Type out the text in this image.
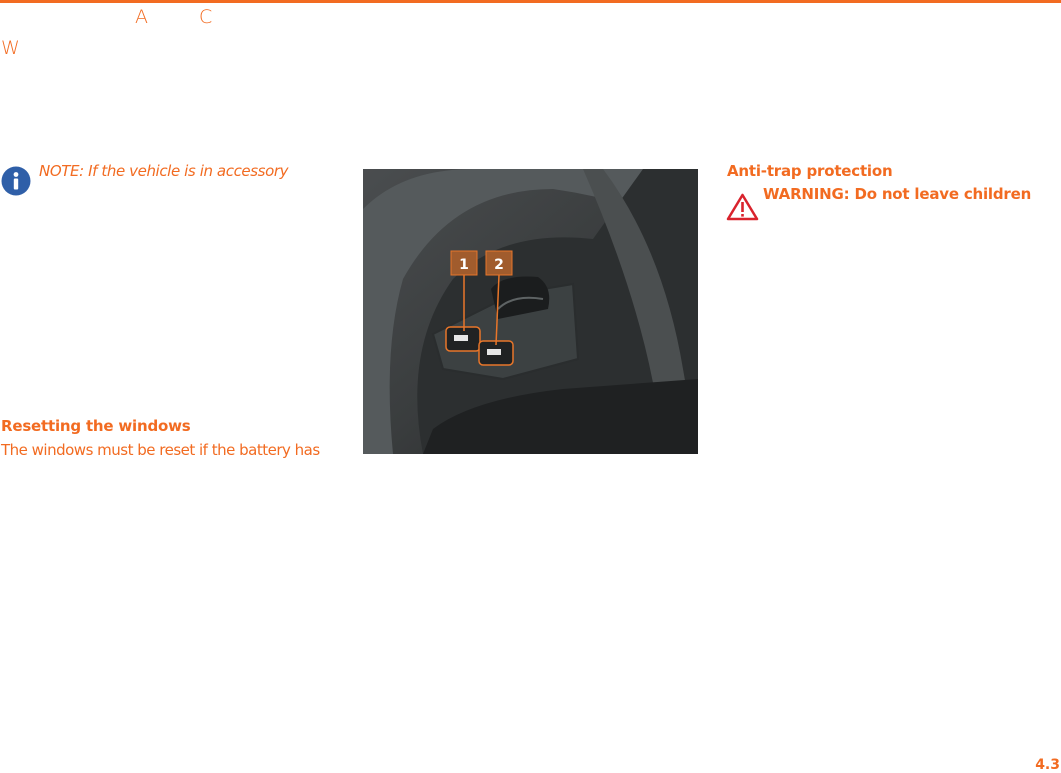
A	C
W
NOTE: If the vehicle is in accessory
Resetting the windows
The windows must be reset if the battery has
1 2
Anti-trap protection
WARNING: Do not leave children
4.3
